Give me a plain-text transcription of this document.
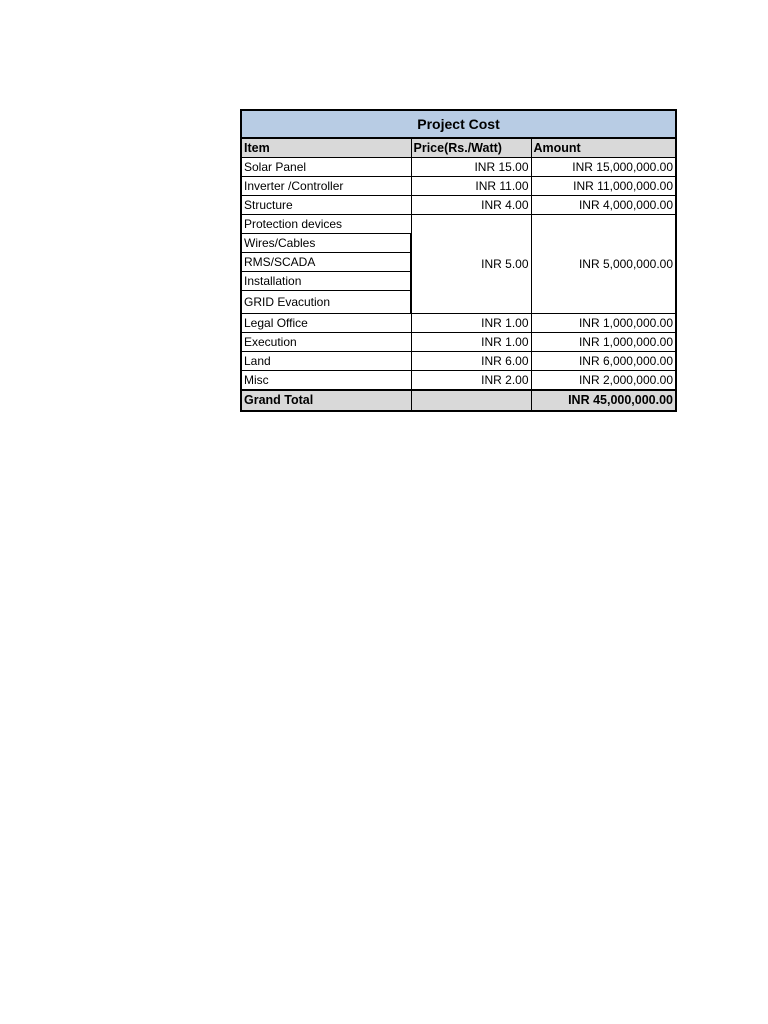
Project Cost		
Item	Price(Rs./Watt)	Amount
Solar Panel	INR 15.00	INR 15,000,000.00
Inverter /Controller	INR 11.00	INR 11,000,000.00
Structure	INR 4.00	INR 4,000,000.00
Protection devices	INR 5.00	INR 5,000,000.00
Wires/Cables		
RMS/SCADA		
Installation		
GRID Evacution		
Legal Office	INR 1.00	INR 1,000,000.00
Execution	INR 1.00	INR 1,000,000.00
Land	INR 6.00	INR 6,000,000.00
Misc	INR 2.00	INR 2,000,000.00
Grand Total		INR 45,000,000.00
